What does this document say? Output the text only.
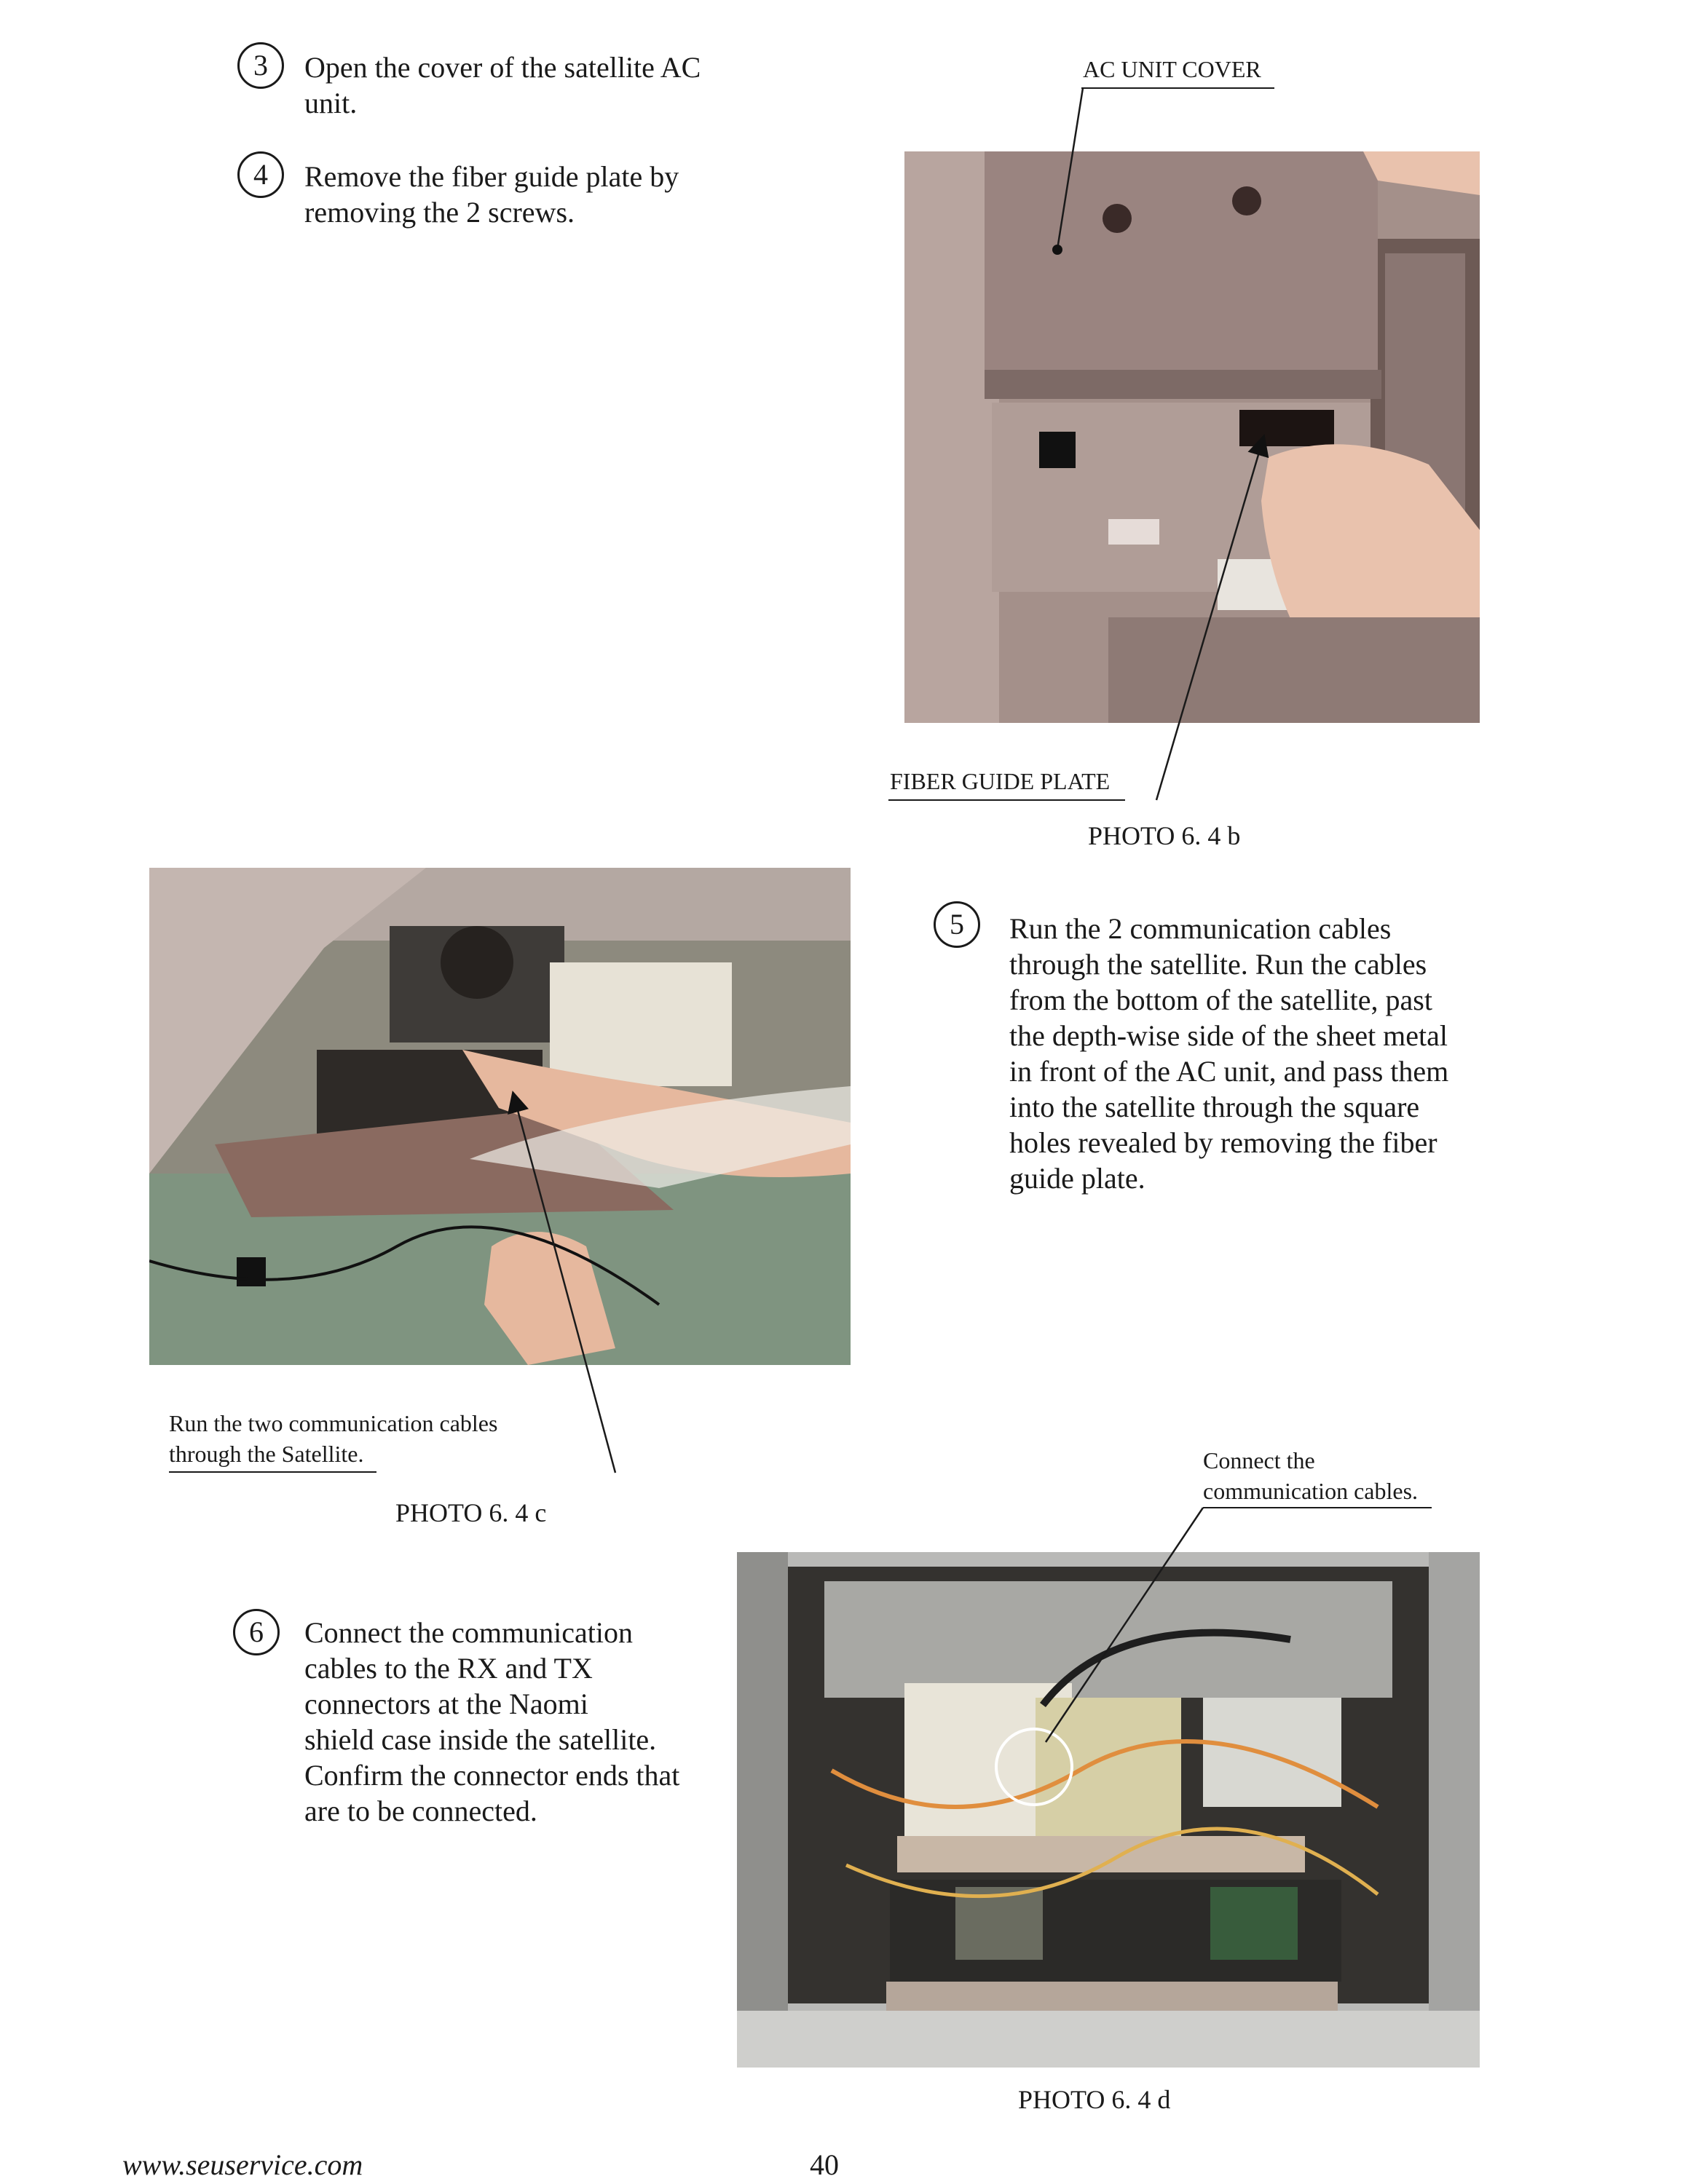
3	Open the cover of the satellite AC
unit.
4	Remove the fiber guide plate by
removing the 2 screws.
AC UNIT COVER
FIBER GUIDE PLATE
PHOTO 6. 4 b
5	Run the 2 communication cables
through the satellite. Run the cables
from the bottom of the satellite, past
the depth-wise side of the sheet metal
in front of the AC unit, and pass them
into the satellite through the square
holes revealed by removing the fiber
guide plate.
Run the two communication cables
through the Satellite.
PHOTO 6. 4 c
6	Connect the communication
cables to the RX and TX
connectors at the Naomi
shield case inside the satellite.
Confirm the connector ends that
are to be connected.
Connect the
communication cables.
PHOTO 6. 4 d
www.seuservice.com	40
